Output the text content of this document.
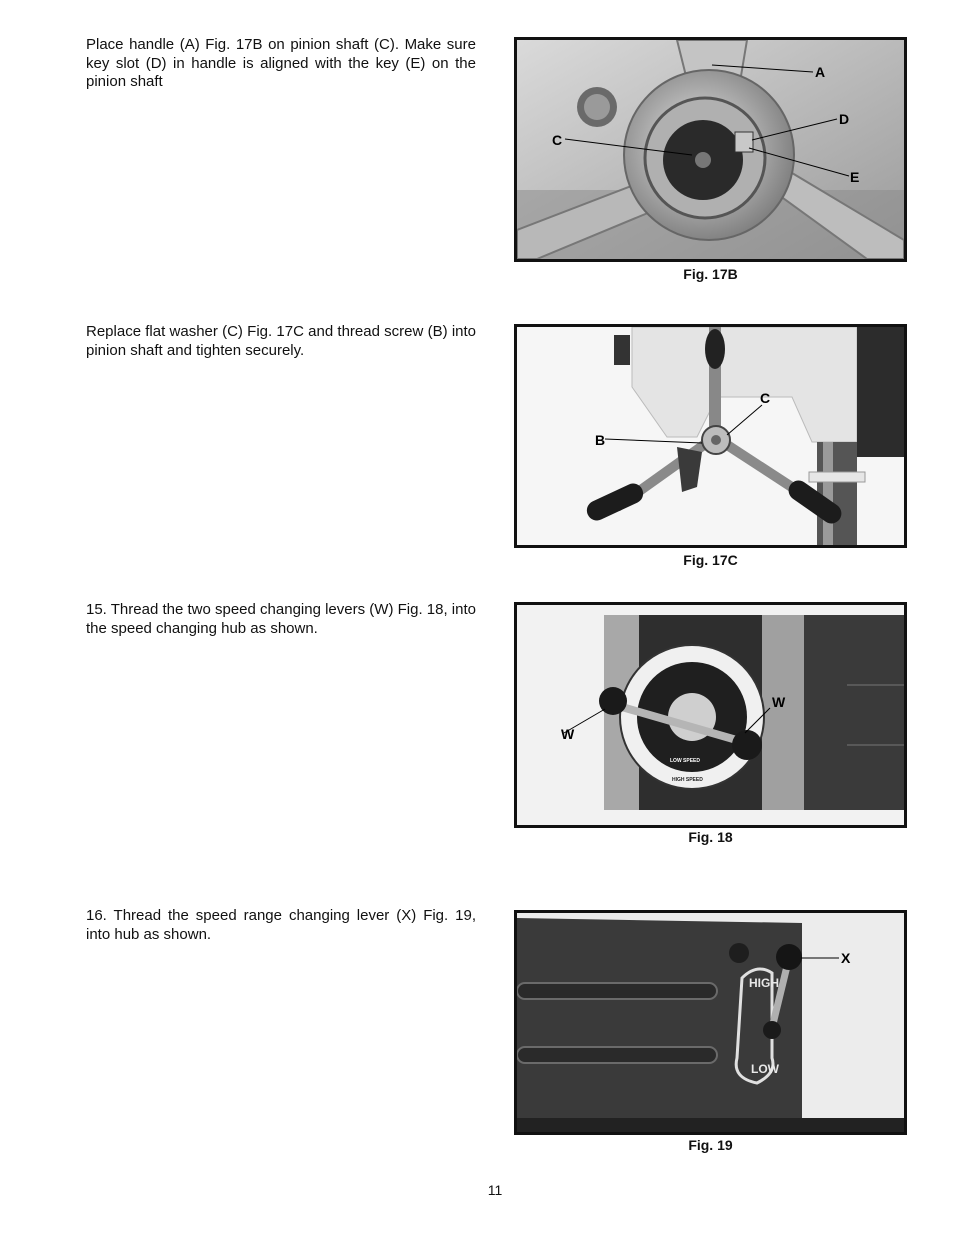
Place handle (A) Fig. 17B on pinion shaft (C). Make sure key slot (D) in handle is aligned with the key (E) on the pinion shaft

A
C
D
E
Fig. 17B

Replace flat washer (C) Fig. 17C and thread screw (B) into pinion shaft and tighten securely.

C
B
Fig. 17C

15. Thread the two speed changing levers (W) Fig. 18, into the speed changing hub as shown.

LOW SPEED
HIGH SPEED
W
W
Fig. 18

16. Thread the speed range changing lever (X) Fig. 19, into hub as shown.

HIGH
LOW
X
Fig. 19
11
